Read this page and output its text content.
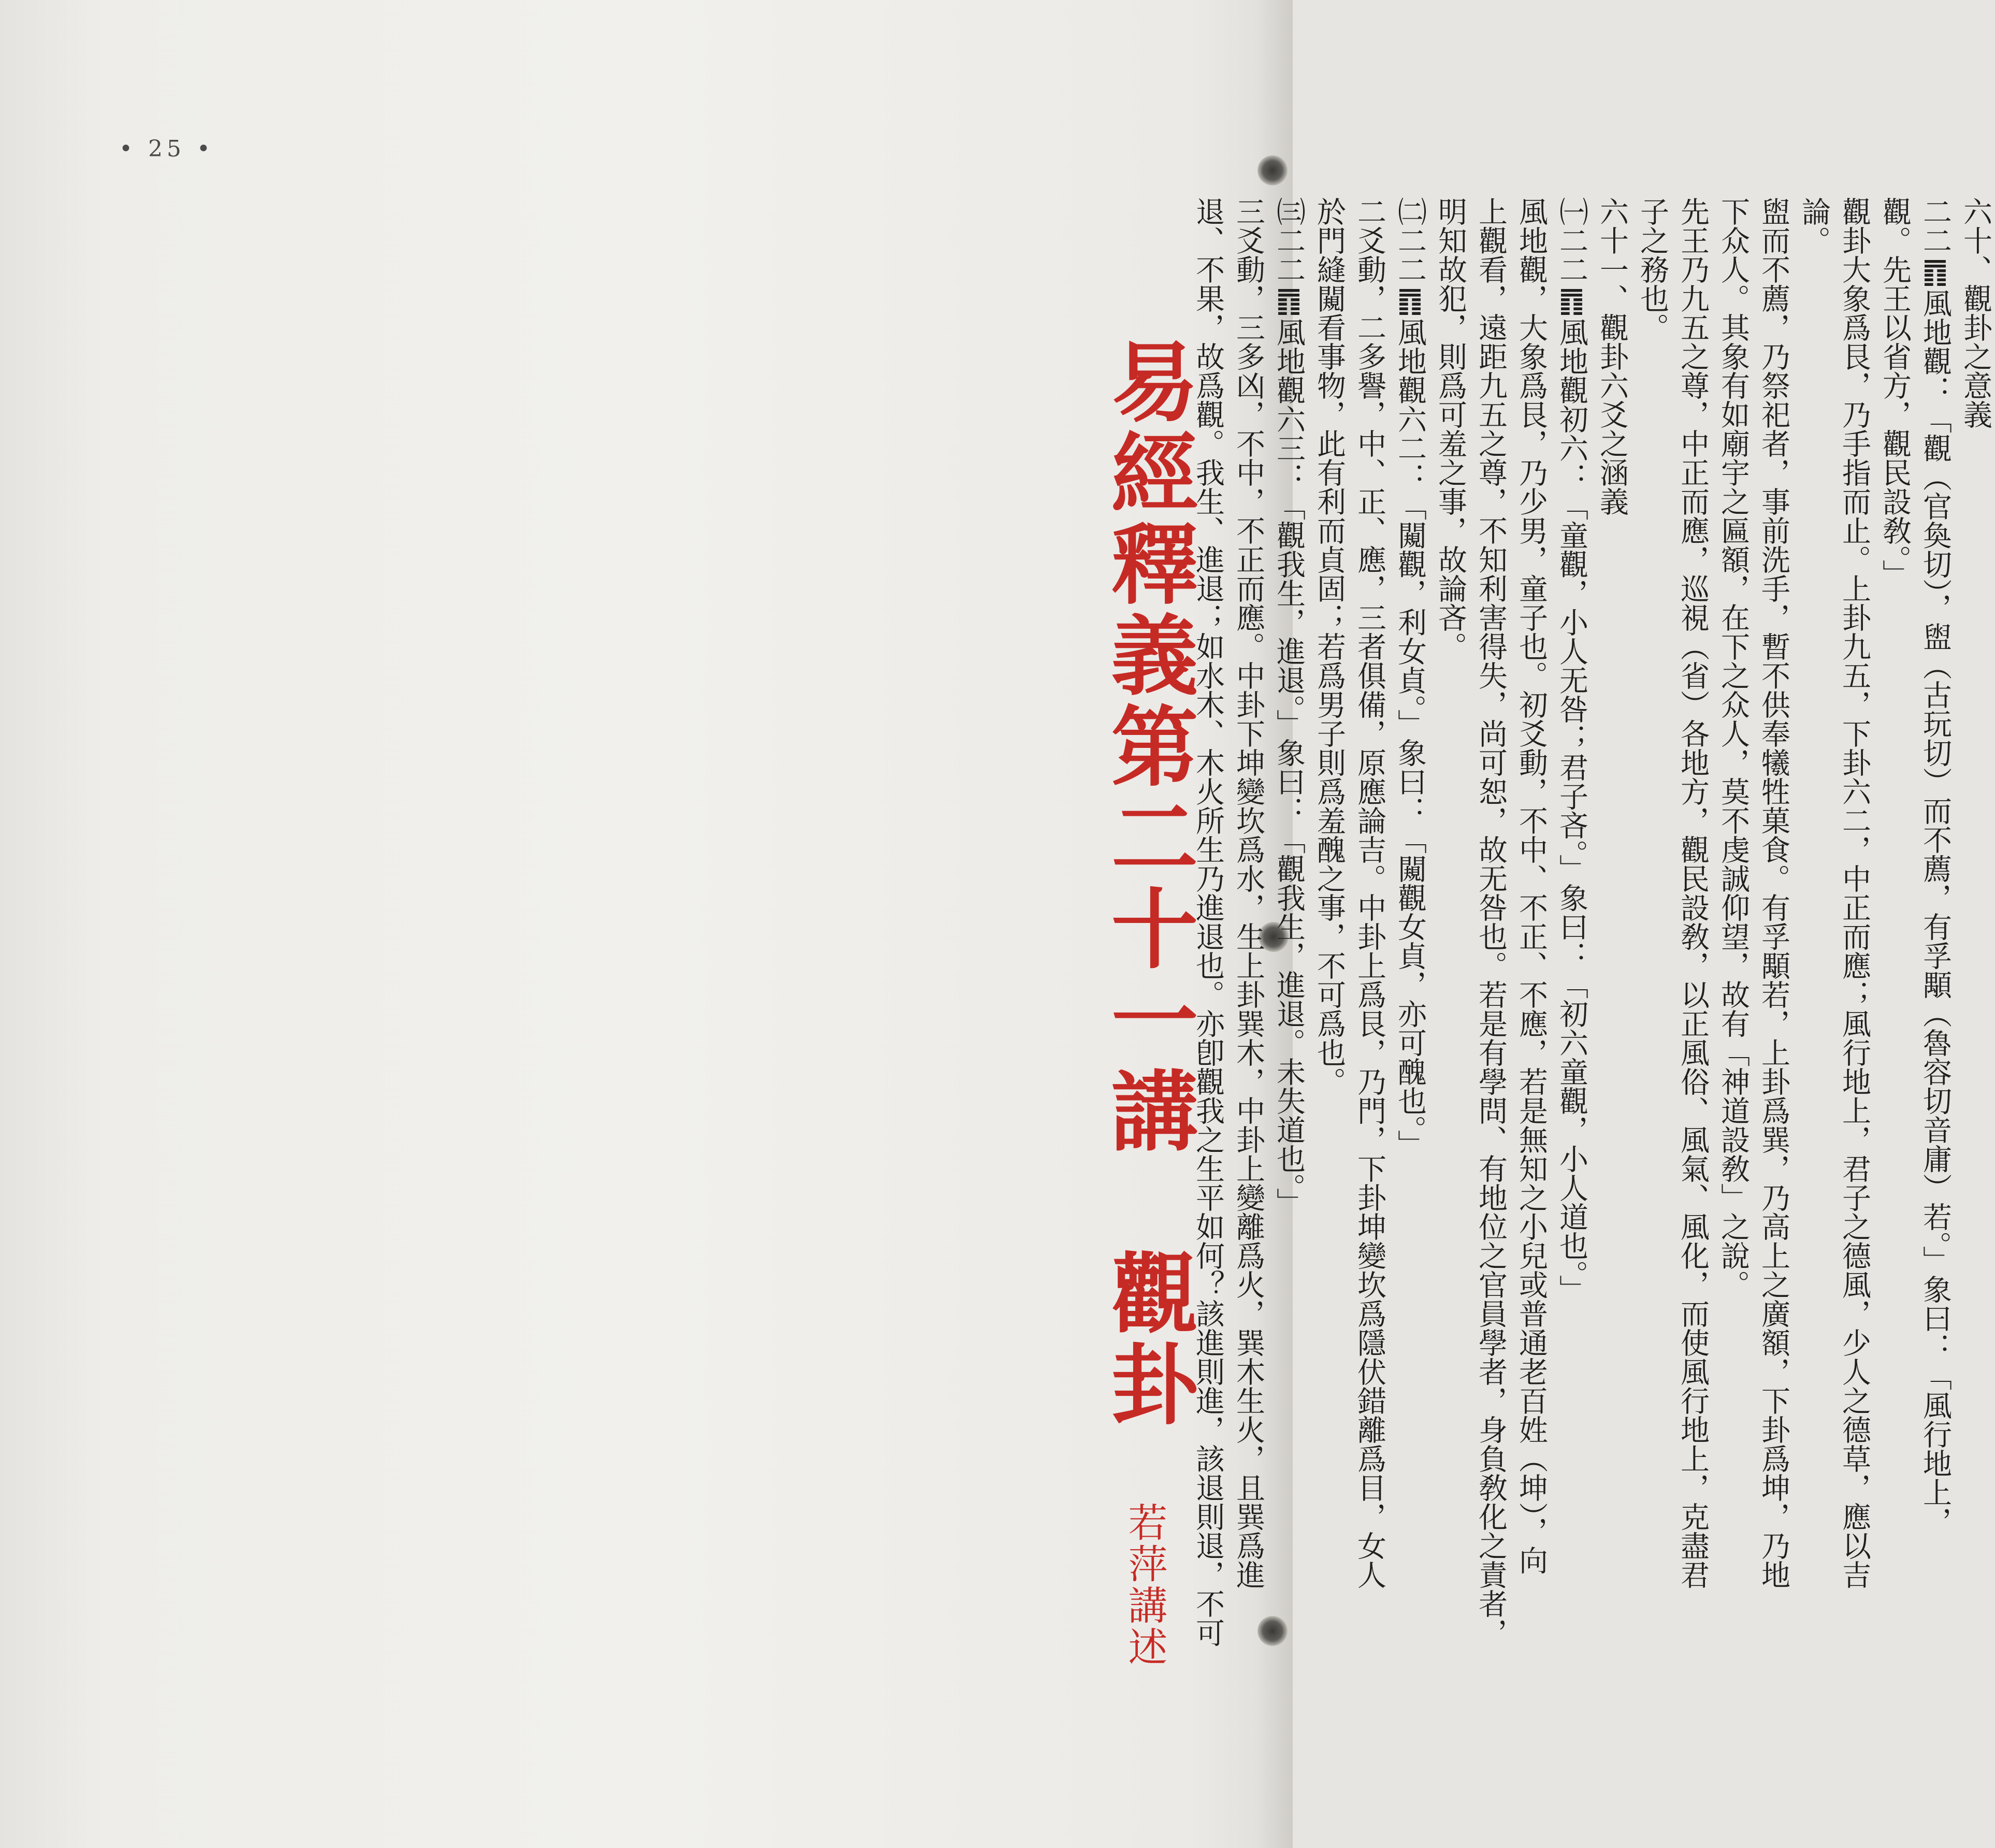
• 25 •
易經釋義第二十一講　觀卦
若萍講述
論。 觀卦大象爲艮，乃手指而止。上卦九五，下卦六二，中正而應；風行地上，君子之德風，少人之德草，應以吉 觀。先王以省方，觀民設敎。」 二二䷓風地觀：「觀（官奐切），盥（古玩切）而不薦，有孚顒（魯容切音庸）若。」象曰：「風行地上， 六十、觀卦之意義
盥而不薦，乃祭祀者，事前洗手，暫不供奉犧牲菓食。有孚顒若，上卦爲巽，乃高上之廣額，下卦爲坤，乃地
下众人。其象有如廟宇之匾額，在下之众人，莫不虔誠仰望，故有「神道設敎」之說。
先王乃九五之尊，中正而應，巡視（省）各地方，觀民設敎，以正風俗、風氣、風化，而使風行地上，克盡君
子之務也。
六十一、觀卦六爻之涵義
㈠二二䷓風地觀初六：「童觀，小人无咎；君子吝。」象曰：「初六童觀，小人道也。」
風地觀，大象爲艮，乃少男，童子也。初爻動，不中、不正、不應，若是無知之小兒或普通老百姓（坤），向
上觀看，遠距九五之尊，不知利害得失，尚可恕，故无咎也。若是有學問、有地位之官員學者，身負敎化之責者，
明知故犯，則爲可羞之事，故論吝。
㈡二二䷓風地觀六二：「闚觀，利女貞。」象曰：「闚觀女貞，亦可醜也。」
二爻動，二多譽，中、正、應，三者俱備，原應論吉。中卦上爲艮，乃門，下卦坤變坎爲隱伏錯離爲目，女人
於門縫闚看事物，此有利而貞固；若爲男子則爲羞醜之事，不可爲也。
㈢二二䷓風地觀六三：「觀我生，進退。」象曰：「觀我生，進退。未失道也。」
三爻動，三多凶，不中，不正而應。中卦下坤變坎爲水，生上卦巽木，中卦上變離爲火，巽木生火，且巽爲進
退、不果，故爲觀。我生、進退；如水木、木火所生乃進退也。亦卽觀我之生平如何？該進則進，該退則退，不可
